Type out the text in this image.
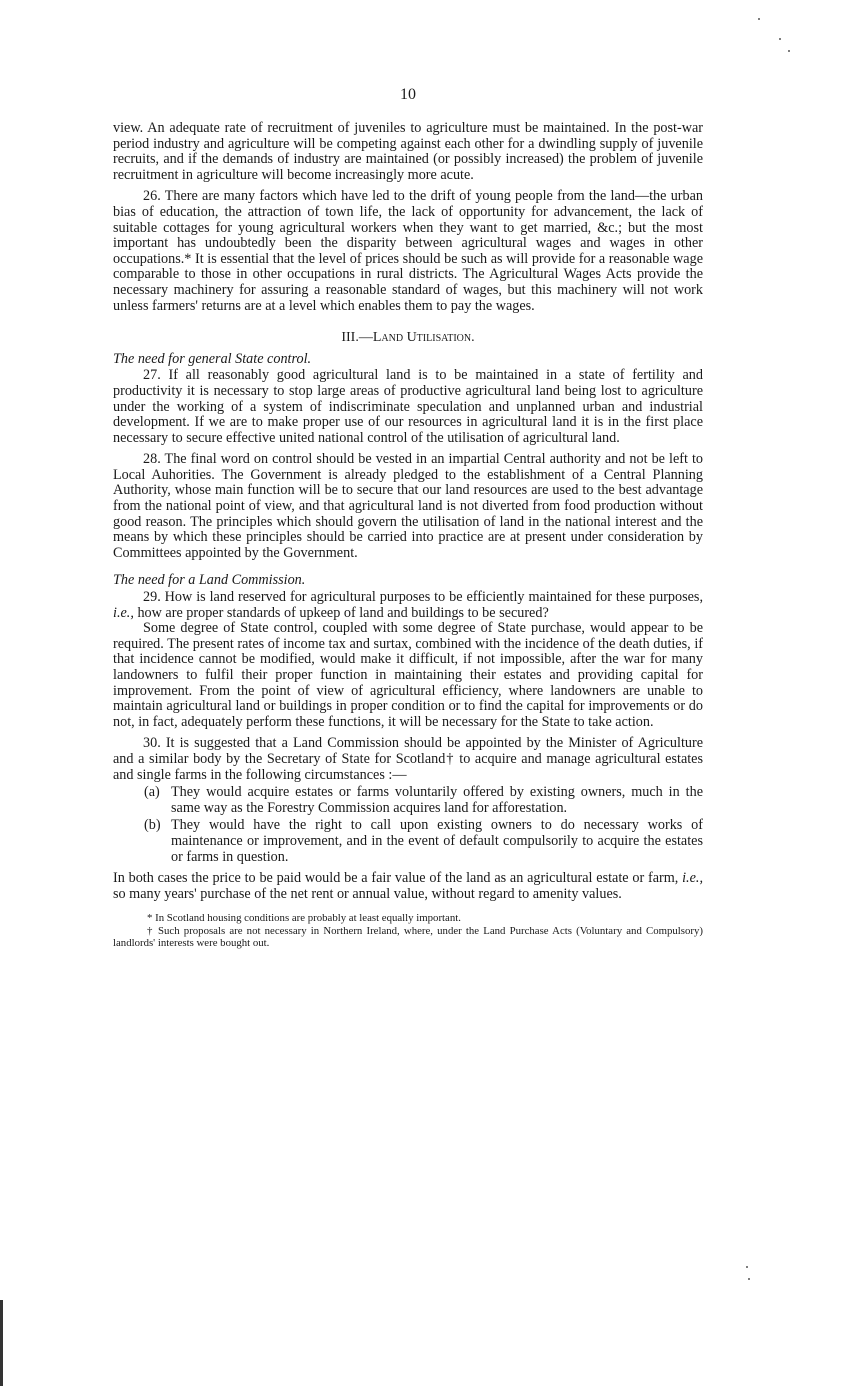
10

view. An adequate rate of recruitment of juveniles to agriculture must be maintained. In the post-war period industry and agriculture will be competing against each other for a dwindling supply of juvenile recruits, and if the demands of industry are maintained (or possibly increased) the problem of juvenile recruitment in agriculture will become increasingly more acute.

26. There are many factors which have led to the drift of young people from the land—the urban bias of education, the attraction of town life, the lack of opportunity for advancement, the lack of suitable cottages for young agricultural workers when they want to get married, &c.; but the most important has undoubtedly been the disparity between agricultural wages and wages in other occupations.* It is essential that the level of prices should be such as will provide for a reasonable wage comparable to those in other occupations in rural districts. The Agricultural Wages Acts provide the necessary machinery for assuring a reasonable standard of wages, but this machinery will not work unless farmers' returns are at a level which enables them to pay the wages.

III.—Land Utilisation.

The need for general State control.

27. If all reasonably good agricultural land is to be maintained in a state of fertility and productivity it is necessary to stop large areas of productive agricultural land being lost to agriculture under the working of a system of indiscriminate speculation and unplanned urban and industrial development. If we are to make proper use of our resources in agricultural land it is in the first place necessary to secure effective united national control of the utilisation of agricultural land.

28. The final word on control should be vested in an impartial Central authority and not be left to Local Auhorities. The Government is already pledged to the establishment of a Central Planning Authority, whose main function will be to secure that our land resources are used to the best advantage from the national point of view, and that agricultural land is not diverted from food production without good reason. The principles which should govern the utilisation of land in the national interest and the means by which these principles should be carried into practice are at present under consideration by Committees appointed by the Government.

The need for a Land Commission.

29. How is land reserved for agricultural purposes to be efficiently maintained for these purposes, i.e., how are proper standards of upkeep of land and buildings to be secured?

Some degree of State control, coupled with some degree of State purchase, would appear to be required. The present rates of income tax and surtax, combined with the incidence of the death duties, if that incidence cannot be modified, would make it difficult, if not impossible, after the war for many landowners to fulfil their proper function in maintaining their estates and providing capital for improvement. From the point of view of agricultural efficiency, where landowners are unable to maintain agricultural land or buildings in proper condition or to find the capital for improvements or do not, in fact, adequately perform these functions, it will be necessary for the State to take action.

30. It is suggested that a Land Commission should be appointed by the Minister of Agriculture and a similar body by the Secretary of State for Scotland† to acquire and manage agricultural estates and single farms in the following circumstances :—

(a) They would acquire estates or farms voluntarily offered by existing owners, much in the same way as the Forestry Commission acquires land for afforestation.
(b) They would have the right to call upon existing owners to do necessary works of maintenance or improvement, and in the event of default compulsorily to acquire the estates or farms in question.

In both cases the price to be paid would be a fair value of the land as an agricultural estate or farm, i.e., so many years' purchase of the net rent or annual value, without regard to amenity values.

* In Scotland housing conditions are probably at least equally important.

† Such proposals are not necessary in Northern Ireland, where, under the Land Purchase Acts (Voluntary and Compulsory) landlords' interests were bought out.
